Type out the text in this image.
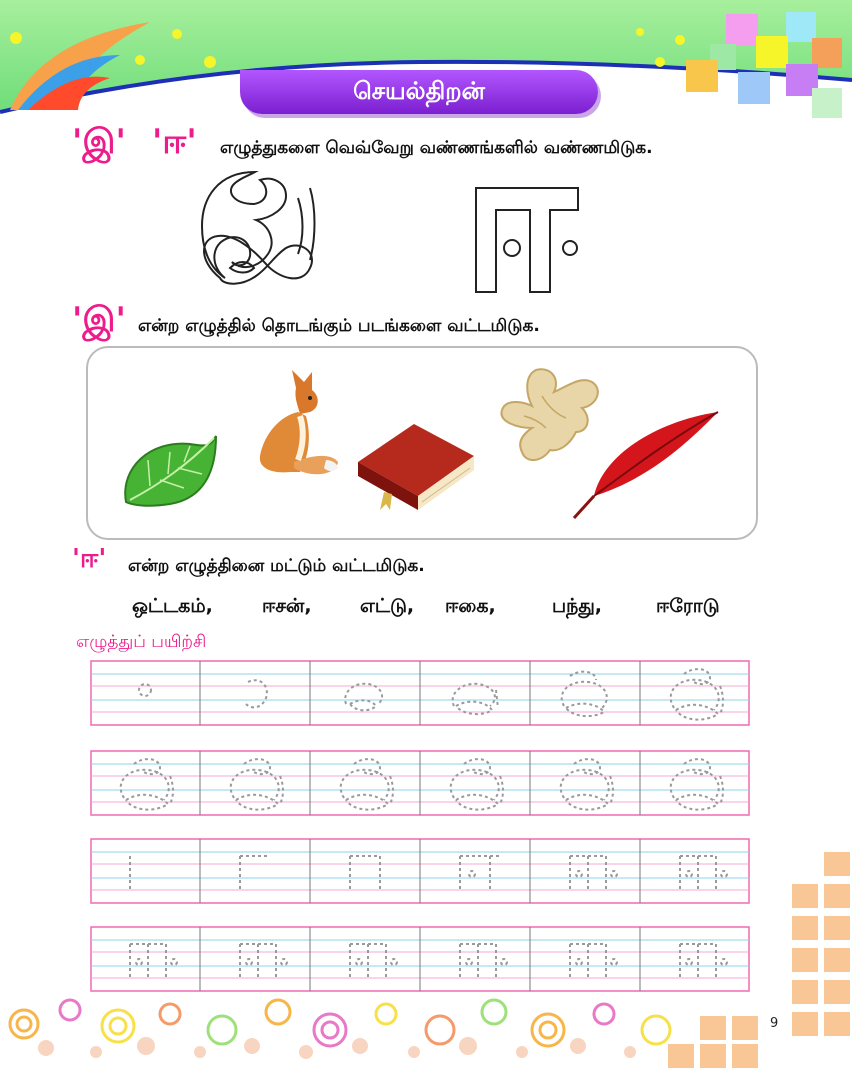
செயல்திறன்
'இ' 'ஈ' எழுத்துகளை வெவ்வேறு வண்ணங்களில் வண்ணமிடுக.
'இ' என்ற எழுத்தில் தொடங்கும் படங்களை வட்டமிடுக.
'ஈ' என்ற எழுத்தினை மட்டும் வட்டமிடுக.
ஒட்டகம்,	ஈசன்,	எட்டு, ஈகை,	பந்து,	ஈரோடு
எழுத்துப் பயிற்சி
9
